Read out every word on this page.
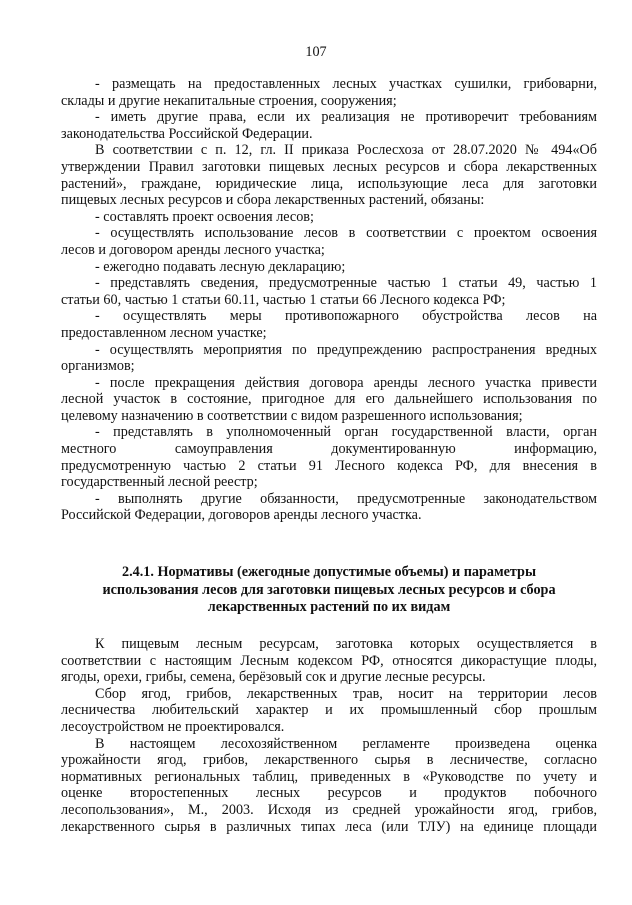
107
- размещать на предоставленных лесных участках сушилки, грибоварни,
склады и другие некапитальные строения, сооружения;
- иметь другие права, если их реализация не противоречит требованиям
законодательства Российской Федерации.
В соответствии с п. 12, гл. II приказа Рослесхоза от 28.07.2020 № 494«Об
утверждении Правил заготовки пищевых лесных ресурсов и сбора лекарственных
растений», граждане, юридические лица, использующие леса для заготовки
пищевых лесных ресурсов и сбора лекарственных растений, обязаны:
- составлять проект освоения лесов;
- осуществлять использование лесов в соответствии с проектом освоения
лесов и договором аренды лесного участка;
- ежегодно подавать лесную декларацию;
- представлять сведения, предусмотренные частью 1 статьи 49, частью 1
статьи 60, частью 1 статьи 60.11, частью 1 статьи 66 Лесного кодекса РФ;
- осуществлять меры противопожарного обустройства лесов на
предоставленном лесном участке;
- осуществлять мероприятия по предупреждению распространения вредных
организмов;
- после прекращения действия договора аренды лесного участка привести
лесной участок в состояние, пригодное для его дальнейшего использования по
целевому назначению в соответствии с видом разрешенного использования;
- представлять в уполномоченный орган государственной власти, орган
местного самоуправления документированную информацию,
предусмотренную частью 2 статьи 91 Лесного кодекса РФ, для внесения в
государственный лесной реестр;
- выполнять другие обязанности, предусмотренные законодательством
Российской Федерации, договоров аренды лесного участка.
2.4.1. Нормативы (ежегодные допустимые объемы) и параметры
использования лесов для заготовки пищевых лесных ресурсов и сбора
лекарственных растений по их видам
К пищевым лесным ресурсам, заготовка которых осуществляется в
соответствии с настоящим Лесным кодексом РФ, относятся дикорастущие плоды,
ягоды, орехи, грибы, семена, берёзовый сок и другие лесные ресурсы.
Сбор ягод, грибов, лекарственных трав, носит на территории лесов
лесничества любительский характер и их промышленный сбор прошлым
лесоустройством не проектировался.
В настоящем лесохозяйственном регламенте произведена оценка
урожайности ягод, грибов, лекарственного сырья в лесничестве, согласно
нормативных региональных таблиц, приведенных в «Руководстве по учету и
оценке второстепенных лесных ресурсов и продуктов побочного
лесопользования», М., 2003. Исходя из средней урожайности ягод, грибов,
лекарственного сырья в различных типах леса (или ТЛУ) на единице площади
